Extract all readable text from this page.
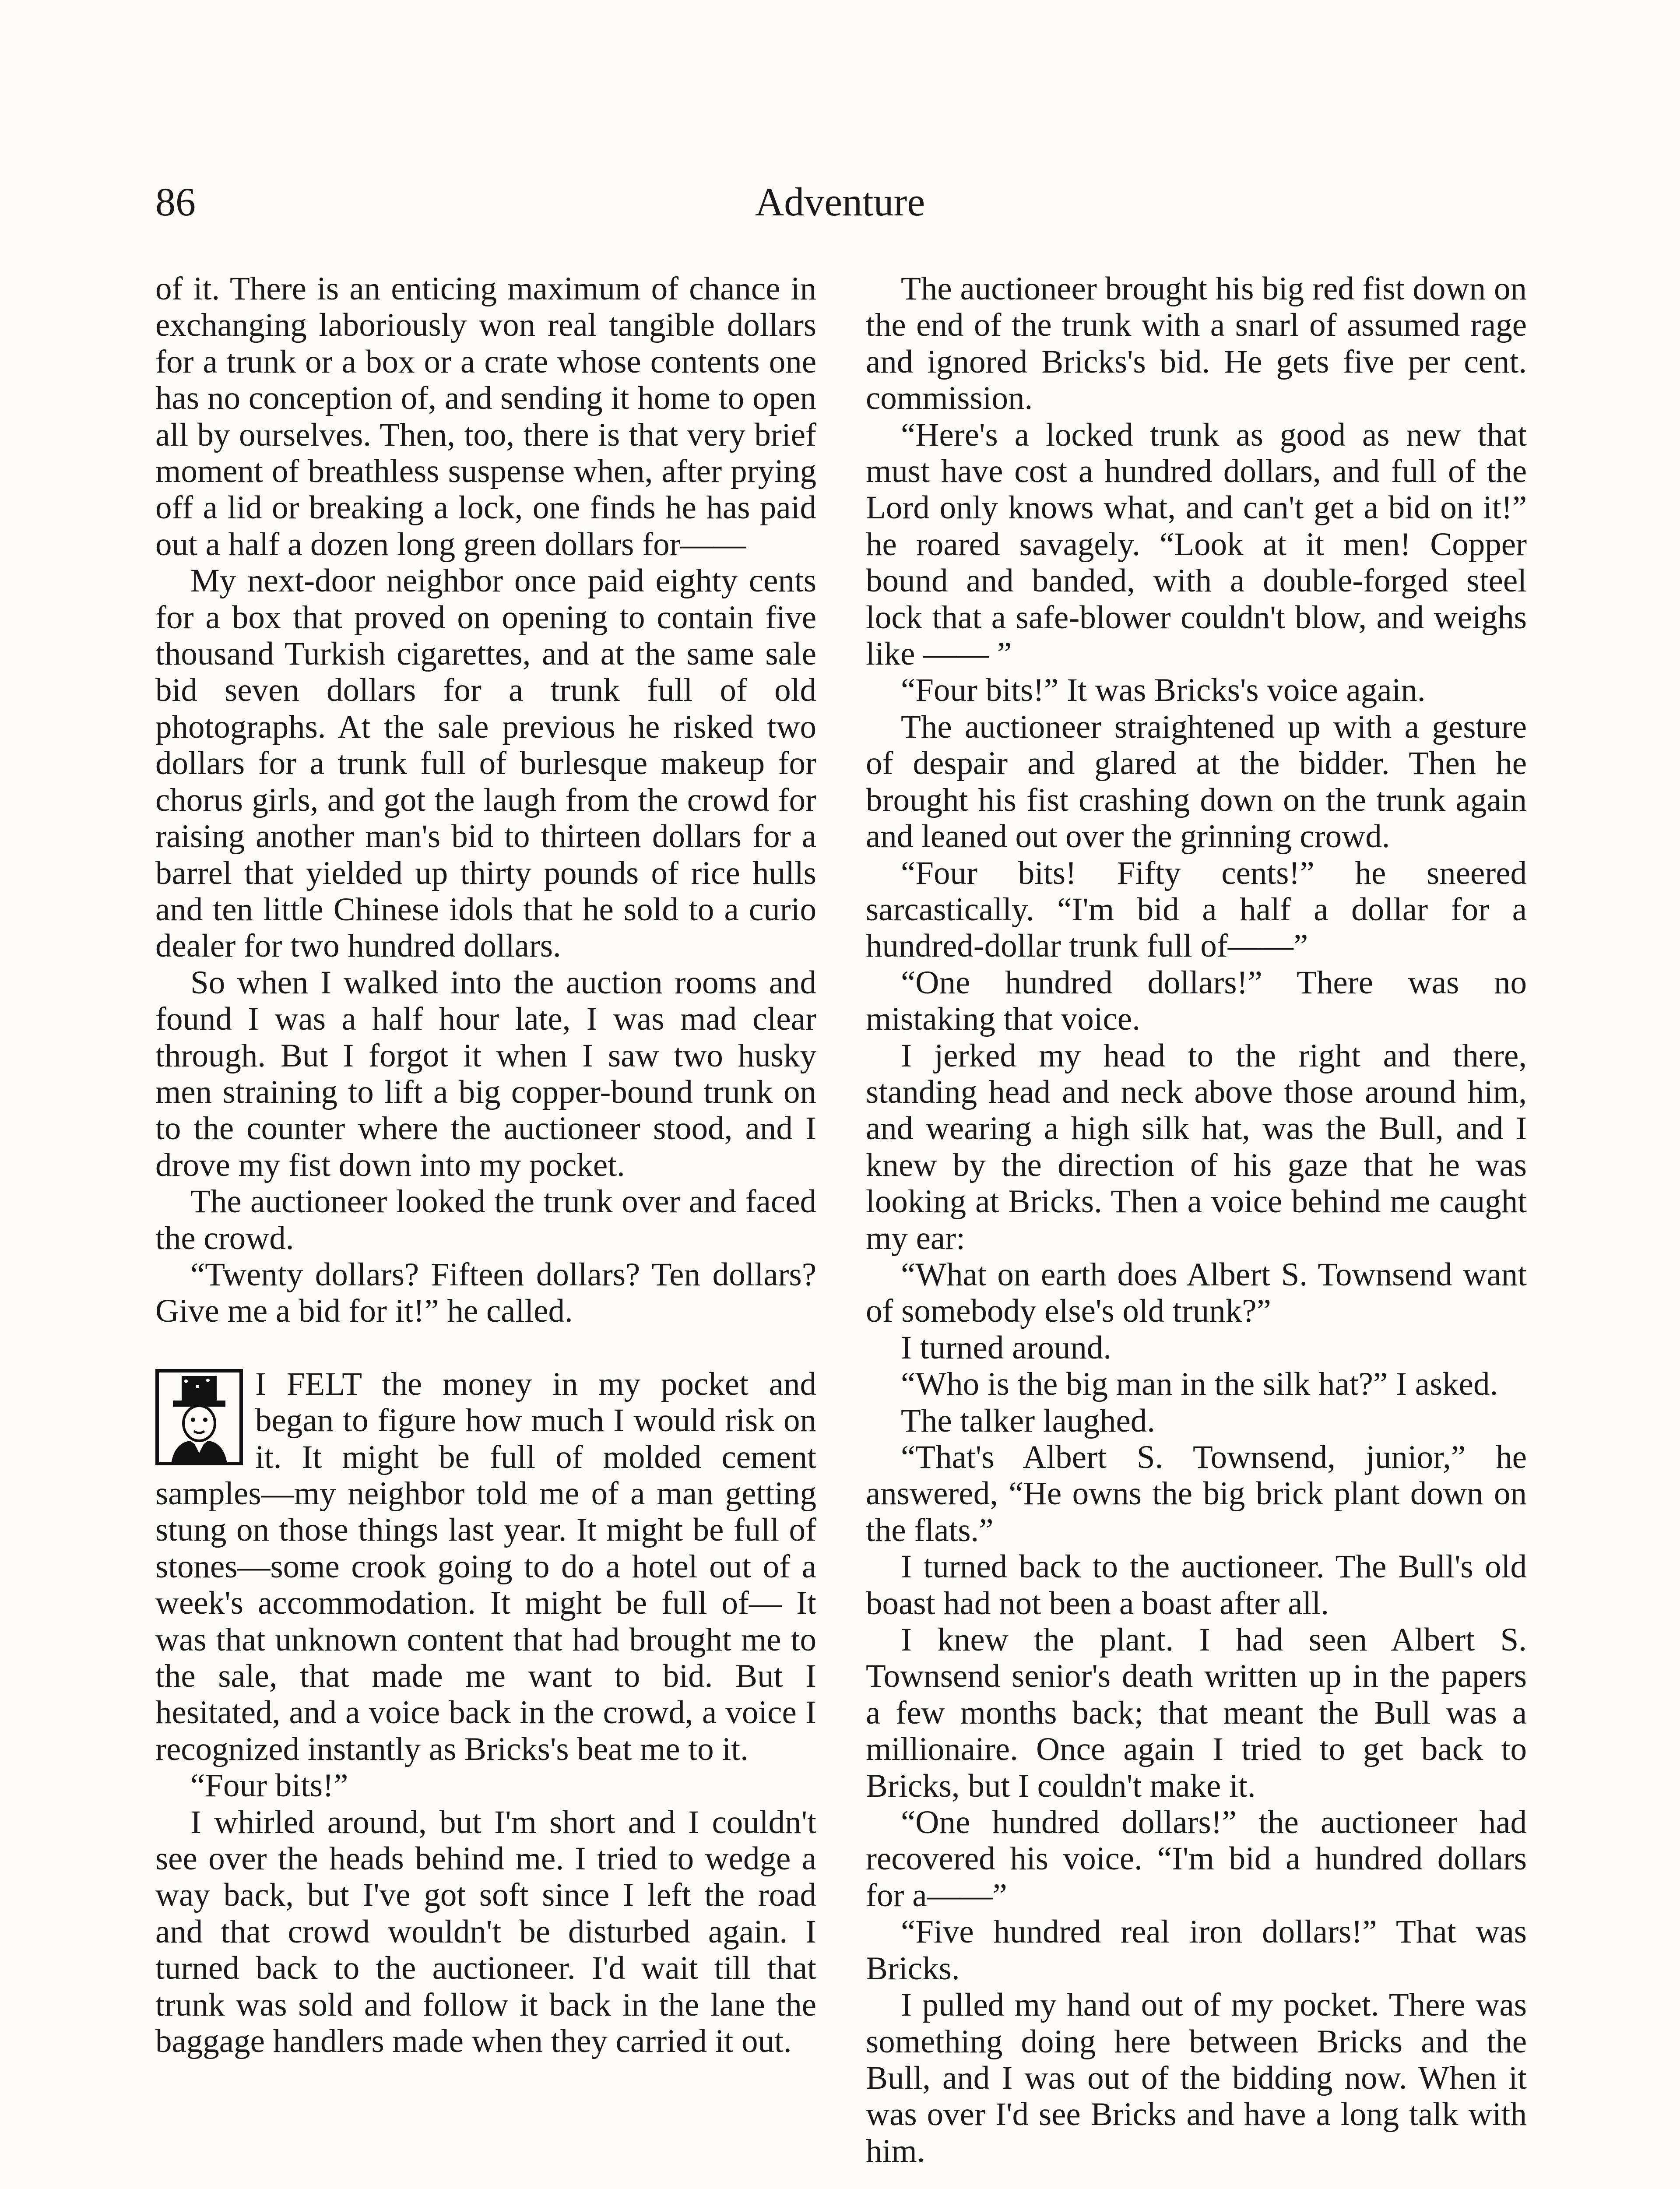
86	Adventure

of it. There is an enticing maximum of chance in exchanging laboriously won real tangible dollars for a trunk or a box or a crate whose contents one has no conception of, and sending it home to open all by ourselves. Then, too, there is that very brief moment of breathless suspense when, after prying off a lid or breaking a lock, one finds he has paid out a half a dozen long green dollars for——

My next-door neighbor once paid eighty cents for a box that proved on opening to contain five thousand Turkish cigarettes, and at the same sale bid seven dollars for a trunk full of old photographs. At the sale previous he risked two dollars for a trunk full of burlesque makeup for chorus girls, and got the laugh from the crowd for raising another man's bid to thirteen dollars for a barrel that yielded up thirty pounds of rice hulls and ten little Chinese idols that he sold to a curio dealer for two hundred dollars.

So when I walked into the auction rooms and found I was a half hour late, I was mad clear through. But I forgot it when I saw two husky men straining to lift a big copper-bound trunk on to the counter where the auctioneer stood, and I drove my fist down into my pocket.

The auctioneer looked the trunk over and faced the crowd.

“Twenty dollars? Fifteen dollars? Ten dollars? Give me a bid for it!” he called.

I FELT the money in my pocket and began to figure how much I would risk on it. It might be full of molded cement samples—my neighbor told me of a man getting stung on those things last year. It might be full of stones—some crook going to do a hotel out of a week's accommodation. It might be full of— It was that unknown content that had brought me to the sale, that made me want to bid. But I hesitated, and a voice back in the crowd, a voice I recognized instantly as Bricks's beat me to it.

“Four bits!”

I whirled around, but I'm short and I couldn't see over the heads behind me. I tried to wedge a way back, but I've got soft since I left the road and that crowd wouldn't be disturbed again. I turned back to the auctioneer. I'd wait till that trunk was sold and follow it back in the lane the baggage handlers made when they carried it out.

The auctioneer brought his big red fist down on the end of the trunk with a snarl of assumed rage and ignored Bricks's bid. He gets five per cent. commission.

“Here's a locked trunk as good as new that must have cost a hundred dollars, and full of the Lord only knows what, and can't get a bid on it!” he roared savagely. “Look at it men! Copper bound and banded, with a double-forged steel lock that a safe-blower couldn't blow, and weighs like —— ”

“Four bits!” It was Bricks's voice again.

The auctioneer straightened up with a gesture of despair and glared at the bidder. Then he brought his fist crashing down on the trunk again and leaned out over the grinning crowd.

“Four bits! Fifty cents!” he sneered sarcastically. “I'm bid a half a dollar for a hundred-dollar trunk full of——”

“One hundred dollars!” There was no mistaking that voice.

I jerked my head to the right and there, standing head and neck above those around him, and wearing a high silk hat, was the Bull, and I knew by the direction of his gaze that he was looking at Bricks. Then a voice behind me caught my ear:

“What on earth does Albert S. Townsend want of somebody else's old trunk?”

I turned around.

“Who is the big man in the silk hat?” I asked.

The talker laughed.

“That's Albert S. Townsend, junior,” he answered, “He owns the big brick plant down on the flats.”

I turned back to the auctioneer. The Bull's old boast had not been a boast after all.

I knew the plant. I had seen Albert S. Townsend senior's death written up in the papers a few months back; that meant the Bull was a millionaire. Once again I tried to get back to Bricks, but I couldn't make it.

“One hundred dollars!” the auctioneer had recovered his voice. “I'm bid a hundred dollars for a——”

“Five hundred real iron dollars!” That was Bricks.

I pulled my hand out of my pocket. There was something doing here between Bricks and the Bull, and I was out of the bidding now. When it was over I'd see Bricks and have a long talk with him.
